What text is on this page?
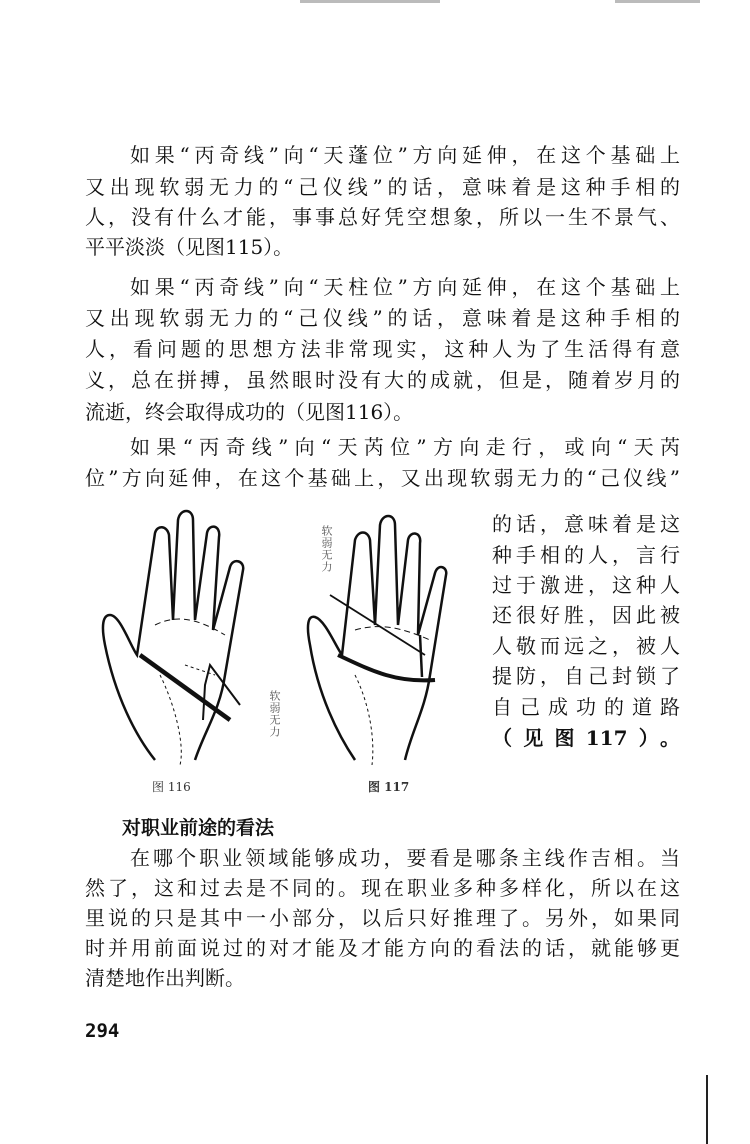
如果“丙奇线”向“天蓬位”方向延伸，在这个基础上
又出现软弱无力的“己仪线”的话，意味着是这种手相的
人，没有什么才能，事事总好凭空想象，所以一生不景气、
平平淡淡（见图115）。
如果“丙奇线”向“天柱位”方向延伸，在这个基础上
又出现软弱无力的“己仪线”的话，意味着是这种手相的
人，看问题的思想方法非常现实，这种人为了生活得有意
义，总在拼搏，虽然眼时没有大的成就，但是，随着岁月的
流逝，终会取得成功的（见图116）。
如果“丙奇线”向“天芮位”方向走行，或向“天芮
位”方向延伸，在这个基础上，又出现软弱无力的“己仪线”
的话，意味着是这
种手相的人，言行
过于激进，这种人
还很好胜，因此被
人敬而远之，被人
提防，自己封锁了
自己成功的道路
（见图117）。
软弱无力
图 116
软弱无力
图 117
对职业前途的看法
在哪个职业领域能够成功，要看是哪条主线作吉相。当
然了，这和过去是不同的。现在职业多种多样化，所以在这
里说的只是其中一小部分，以后只好推理了。另外，如果同
时并用前面说过的对才能及才能方向的看法的话，就能够更
清楚地作出判断。
294
